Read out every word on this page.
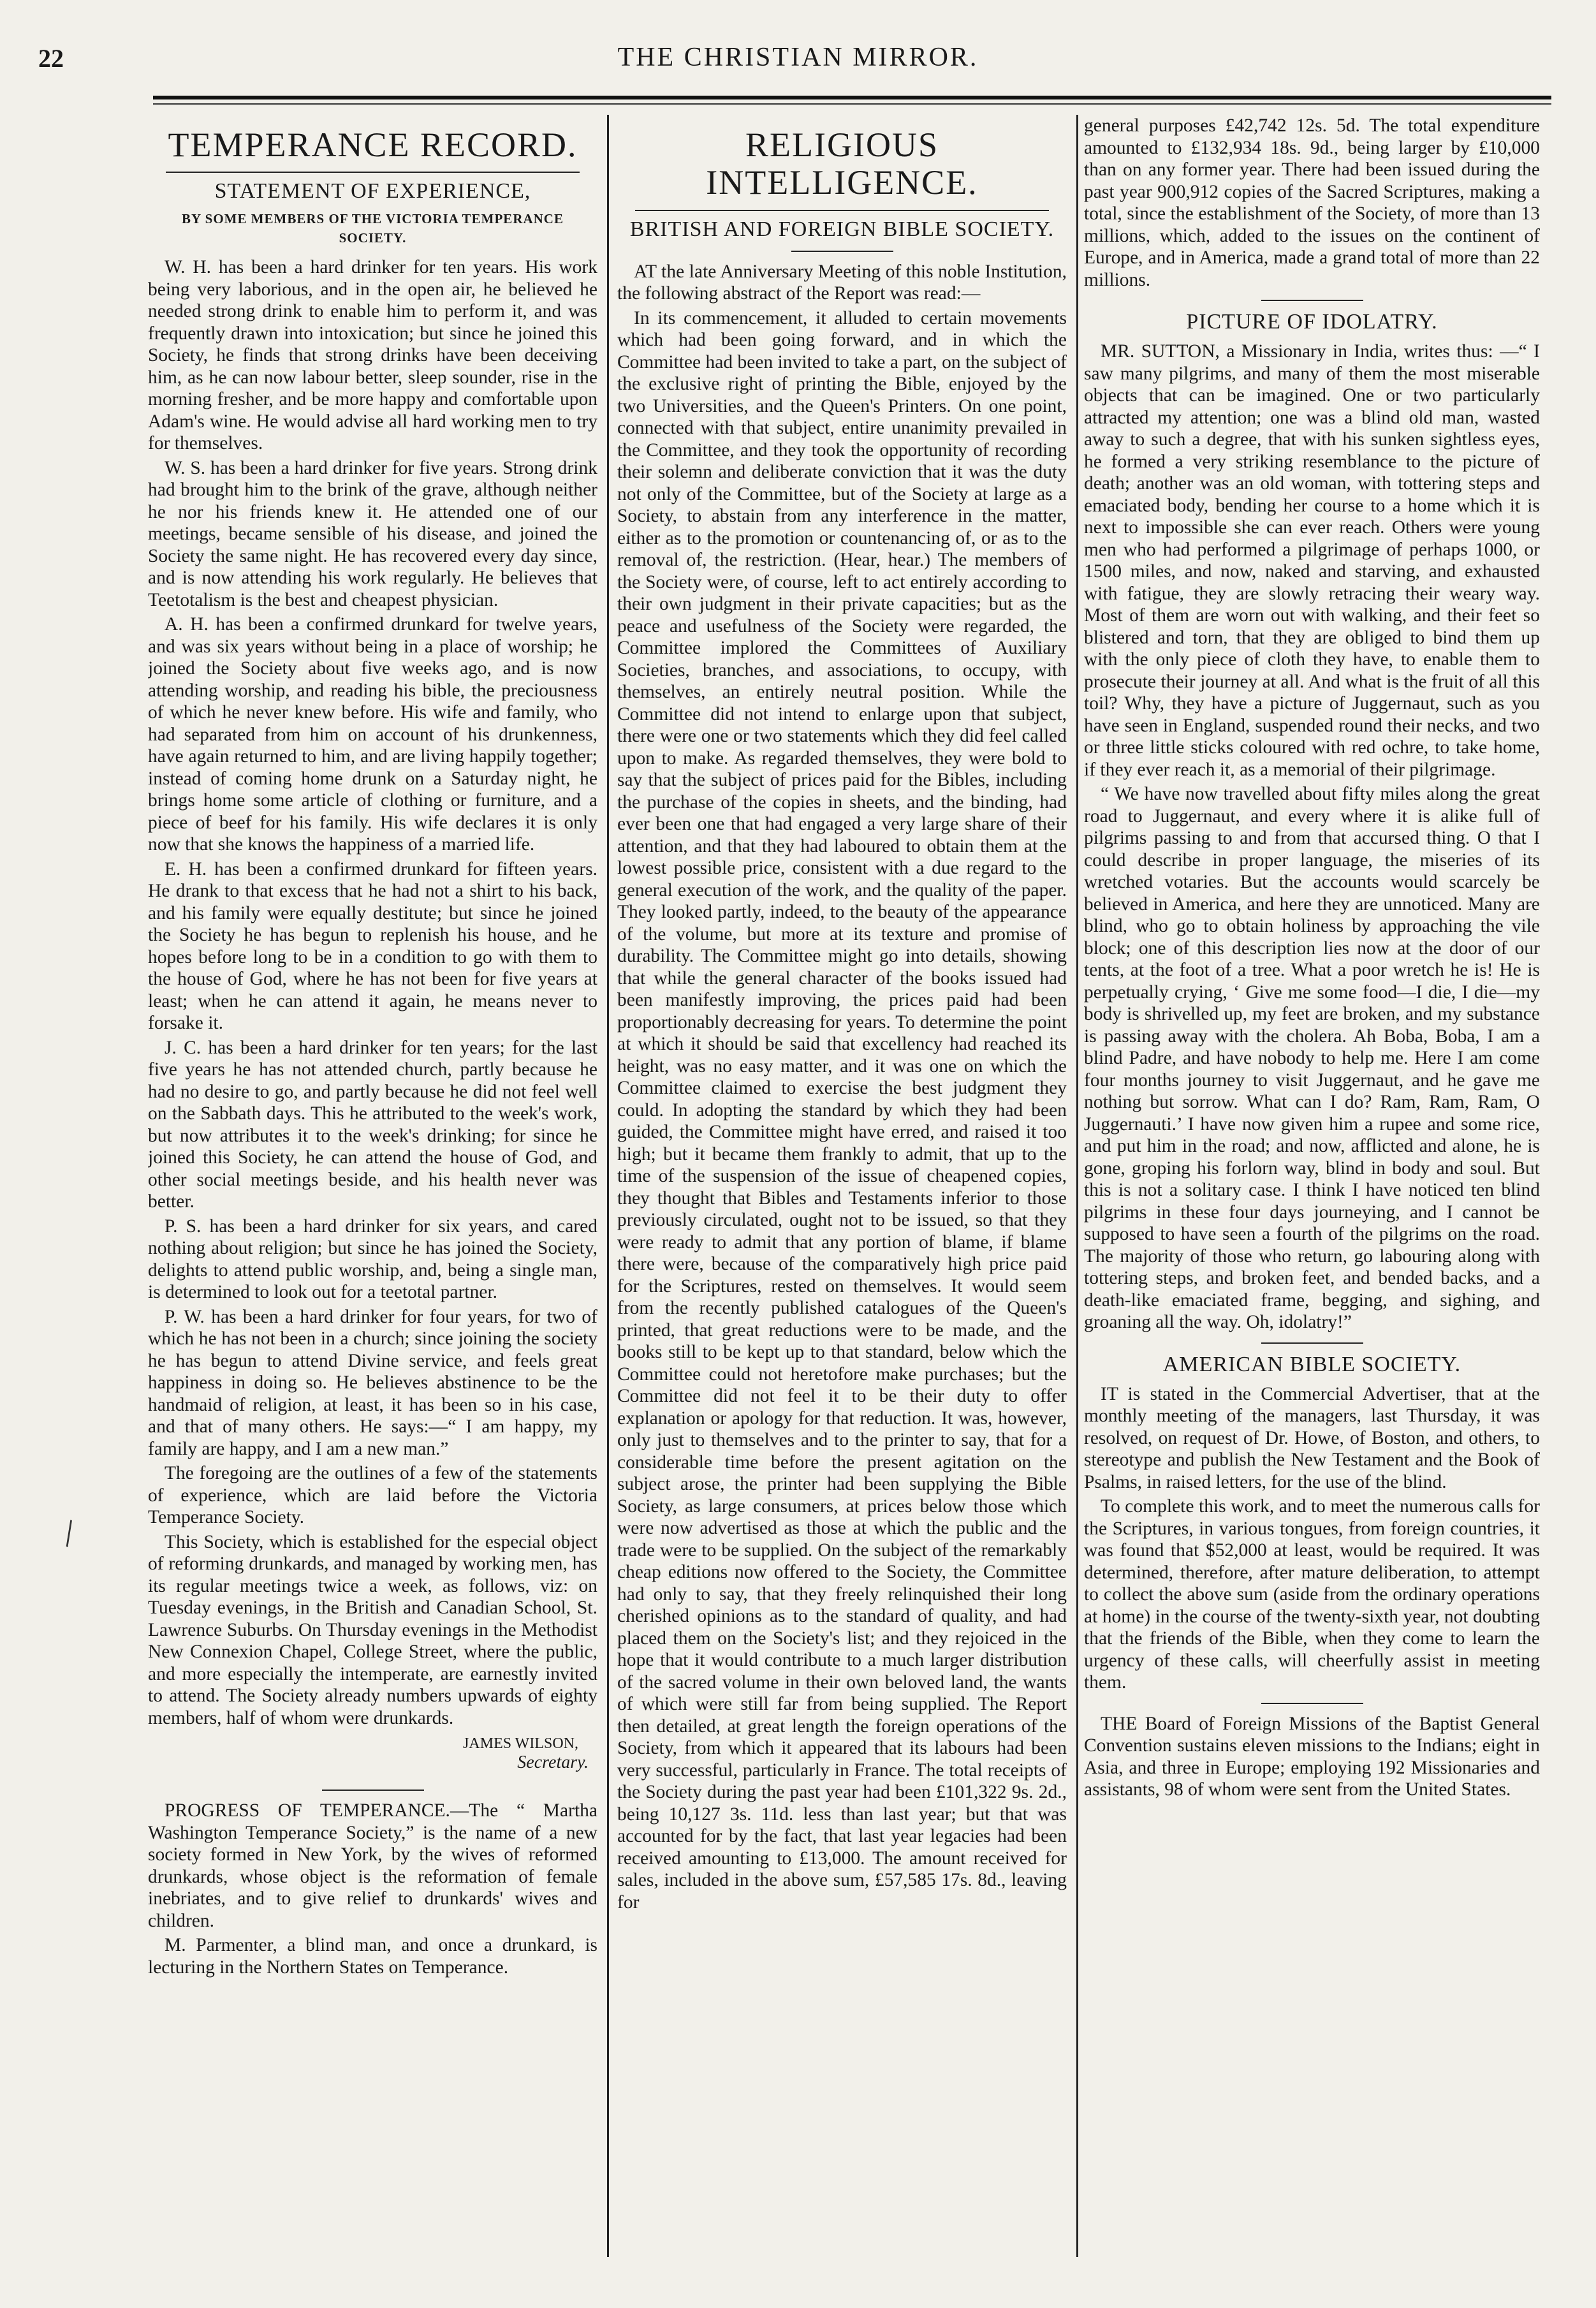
22	THE CHRISTIAN MIRROR.
TEMPERANCE RECORD.
STATEMENT OF EXPERIENCE,
BY SOME MEMBERS OF THE VICTORIA TEMPERANCE SOCIETY.

W. H. has been a hard drinker for ten years. His work being very laborious, and in the open air, he believed he needed strong drink to enable him to perform it, and was frequently drawn into intoxication; but since he joined this Society, he finds that strong drinks have been deceiving him, as he can now labour better, sleep sounder, rise in the morning fresher, and be more happy and comfortable upon Adam's wine. He would advise all hard working men to try for themselves.

W. S. has been a hard drinker for five years. Strong drink had brought him to the brink of the grave, although neither he nor his friends knew it. He attended one of our meetings, became sensible of his disease, and joined the Society the same night. He has recovered every day since, and is now attending his work regularly. He believes that Teetotalism is the best and cheapest physician.

A. H. has been a confirmed drunkard for twelve years, and was six years without being in a place of worship; he joined the Society about five weeks ago, and is now attending worship, and reading his bible, the preciousness of which he never knew before. His wife and family, who had separated from him on account of his drunkenness, have again returned to him, and are living happily together; instead of coming home drunk on a Saturday night, he brings home some article of clothing or furniture, and a piece of beef for his family. His wife declares it is only now that she knows the happiness of a married life.

E. H. has been a confirmed drunkard for fifteen years. He drank to that excess that he had not a shirt to his back, and his family were equally destitute; but since he joined the Society he has begun to replenish his house, and he hopes before long to be in a condition to go with them to the house of God, where he has not been for five years at least; when he can attend it again, he means never to forsake it.

J. C. has been a hard drinker for ten years; for the last five years he has not attended church, partly because he had no desire to go, and partly because he did not feel well on the Sabbath days. This he attributed to the week's work, but now attributes it to the week's drinking; for since he joined this Society, he can attend the house of God, and other social meetings beside, and his health never was better.

P. S. has been a hard drinker for six years, and cared nothing about religion; but since he has joined the Society, delights to attend public worship, and, being a single man, is determined to look out for a teetotal partner.

P. W. has been a hard drinker for four years, for two of which he has not been in a church; since joining the society he has begun to attend Divine service, and feels great happiness in doing so. He believes abstinence to be the handmaid of religion, at least, it has been so in his case, and that of many others. He says:—“ I am happy, my family are happy, and I am a new man.”

The foregoing are the outlines of a few of the statements of experience, which are laid before the Victoria Temperance Society.

This Society, which is established for the especial object of reforming drunkards, and managed by working men, has its regular meetings twice a week, as follows, viz: on Tuesday evenings, in the British and Canadian School, St. Lawrence Suburbs. On Thursday evenings in the Methodist New Connexion Chapel, College Street, where the public, and more especially the intemperate, are earnestly invited to attend. The Society already numbers upwards of eighty members, half of whom were drunkards.

JAMES WILSON,
Secretary.

PROGRESS OF TEMPERANCE.—The “ Martha Washington Temperance Society,” is the name of a new society formed in New York, by the wives of reformed drunkards, whose object is the reformation of female inebriates, and to give relief to drunkards' wives and children.

M. Parmenter, a blind man, and once a drunkard, is lecturing in the Northern States on Temperance.

RELIGIOUS INTELLIGENCE.
BRITISH AND FOREIGN BIBLE SOCIETY.

AT the late Anniversary Meeting of this noble Institution, the following abstract of the Report was read:—

In its commencement, it alluded to certain movements which had been going forward, and in which the Committee had been invited to take a part, on the subject of the exclusive right of printing the Bible, enjoyed by the two Universities, and the Queen's Printers. On one point, connected with that subject, entire unanimity prevailed in the Committee, and they took the opportunity of recording their solemn and deliberate conviction that it was the duty not only of the Committee, but of the Society at large as a Society, to abstain from any interference in the matter, either as to the promotion or countenancing of, or as to the removal of, the restriction. (Hear, hear.) The members of the Society were, of course, left to act entirely according to their own judgment in their private capacities; but as the peace and usefulness of the Society were regarded, the Committee implored the Committees of Auxiliary Societies, branches, and associations, to occupy, with themselves, an entirely neutral position. While the Committee did not intend to enlarge upon that subject, there were one or two statements which they did feel called upon to make. As regarded themselves, they were bold to say that the subject of prices paid for the Bibles, including the purchase of the copies in sheets, and the binding, had ever been one that had engaged a very large share of their attention, and that they had laboured to obtain them at the lowest possible price, consistent with a due regard to the general execution of the work, and the quality of the paper. They looked partly, indeed, to the beauty of the appearance of the volume, but more at its texture and promise of durability. The Committee might go into details, showing that while the general character of the books issued had been manifestly improving, the prices paid had been proportionably decreasing for years. To determine the point at which it should be said that excellency had reached its height, was no easy matter, and it was one on which the Committee claimed to exercise the best judgment they could. In adopting the standard by which they had been guided, the Committee might have erred, and raised it too high; but it became them frankly to admit, that up to the time of the suspension of the issue of cheapened copies, they thought that Bibles and Testaments inferior to those previously circulated, ought not to be issued, so that they were ready to admit that any portion of blame, if blame there were, because of the comparatively high price paid for the Scriptures, rested on themselves. It would seem from the recently published catalogues of the Queen's printed, that great reductions were to be made, and the books still to be kept up to that standard, below which the Committee could not heretofore make purchases; but the Committee did not feel it to be their duty to offer explanation or apology for that reduction. It was, however, only just to themselves and to the printer to say, that for a considerable time before the present agitation on the subject arose, the printer had been supplying the Bible Society, as large consumers, at prices below those which were now advertised as those at which the public and the trade were to be supplied. On the subject of the remarkably cheap editions now offered to the Society, the Committee had only to say, that they freely relinquished their long cherished opinions as to the standard of quality, and had placed them on the Society's list; and they rejoiced in the hope that it would contribute to a much larger distribution of the sacred volume in their own beloved land, the wants of which were still far from being supplied. The Report then detailed, at great length the foreign operations of the Society, from which it appeared that its labours had been very successful, particularly in France. The total receipts of the Society during the past year had been £101,322 9s. 2d., being 10,127 3s. 11d. less than last year; but that was accounted for by the fact, that last year legacies had been received amounting to £13,000. The amount received for sales, included in the above sum, £57,585 17s. 8d., leaving for

general purposes £42,742 12s. 5d. The total expenditure amounted to £132,934 18s. 9d., being larger by £10,000 than on any former year. There had been issued during the past year 900,912 copies of the Sacred Scriptures, making a total, since the establishment of the Society, of more than 13 millions, which, added to the issues on the continent of Europe, and in America, made a grand total of more than 22 millions.

PICTURE OF IDOLATRY.

MR. SUTTON, a Missionary in India, writes thus: —“ I saw many pilgrims, and many of them the most miserable objects that can be imagined. One or two particularly attracted my attention; one was a blind old man, wasted away to such a degree, that with his sunken sightless eyes, he formed a very striking resemblance to the picture of death; another was an old woman, with tottering steps and emaciated body, bending her course to a home which it is next to impossible she can ever reach. Others were young men who had performed a pilgrimage of perhaps 1000, or 1500 miles, and now, naked and starving, and exhausted with fatigue, they are slowly retracing their weary way. Most of them are worn out with walking, and their feet so blistered and torn, that they are obliged to bind them up with the only piece of cloth they have, to enable them to prosecute their journey at all. And what is the fruit of all this toil? Why, they have a picture of Juggernaut, such as you have seen in England, suspended round their necks, and two or three little sticks coloured with red ochre, to take home, if they ever reach it, as a memorial of their pilgrimage.

“ We have now travelled about fifty miles along the great road to Juggernaut, and every where it is alike full of pilgrims passing to and from that accursed thing. O that I could describe in proper language, the miseries of its wretched votaries. But the accounts would scarcely be believed in America, and here they are unnoticed. Many are blind, who go to obtain holiness by approaching the vile block; one of this description lies now at the door of our tents, at the foot of a tree. What a poor wretch he is! He is perpetually crying, ‘ Give me some food—I die, I die—my body is shrivelled up, my feet are broken, and my substance is passing away with the cholera. Ah Boba, Boba, I am a blind Padre, and have nobody to help me. Here I am come four months journey to visit Juggernaut, and he gave me nothing but sorrow. What can I do? Ram, Ram, Ram, O Juggernauti.’ I have now given him a rupee and some rice, and put him in the road; and now, afflicted and alone, he is gone, groping his forlorn way, blind in body and soul. But this is not a solitary case. I think I have noticed ten blind pilgrims in these four days journeying, and I cannot be supposed to have seen a fourth of the pilgrims on the road. The majority of those who return, go labouring along with tottering steps, and broken feet, and bended backs, and a death-like emaciated frame, begging, and sighing, and groaning all the way. Oh, idolatry!”

AMERICAN BIBLE SOCIETY.

IT is stated in the Commercial Advertiser, that at the monthly meeting of the managers, last Thursday, it was resolved, on request of Dr. Howe, of Boston, and others, to stereotype and publish the New Testament and the Book of Psalms, in raised letters, for the use of the blind.

To complete this work, and to meet the numerous calls for the Scriptures, in various tongues, from foreign countries, it was found that $52,000 at least, would be required. It was determined, therefore, after mature deliberation, to attempt to collect the above sum (aside from the ordinary operations at home) in the course of the twenty-sixth year, not doubting that the friends of the Bible, when they come to learn the urgency of these calls, will cheerfully assist in meeting them.

THE Board of Foreign Missions of the Baptist General Convention sustains eleven missions to the Indians; eight in Asia, and three in Europe; employing 192 Missionaries and assistants, 98 of whom were sent from the United States.

\
